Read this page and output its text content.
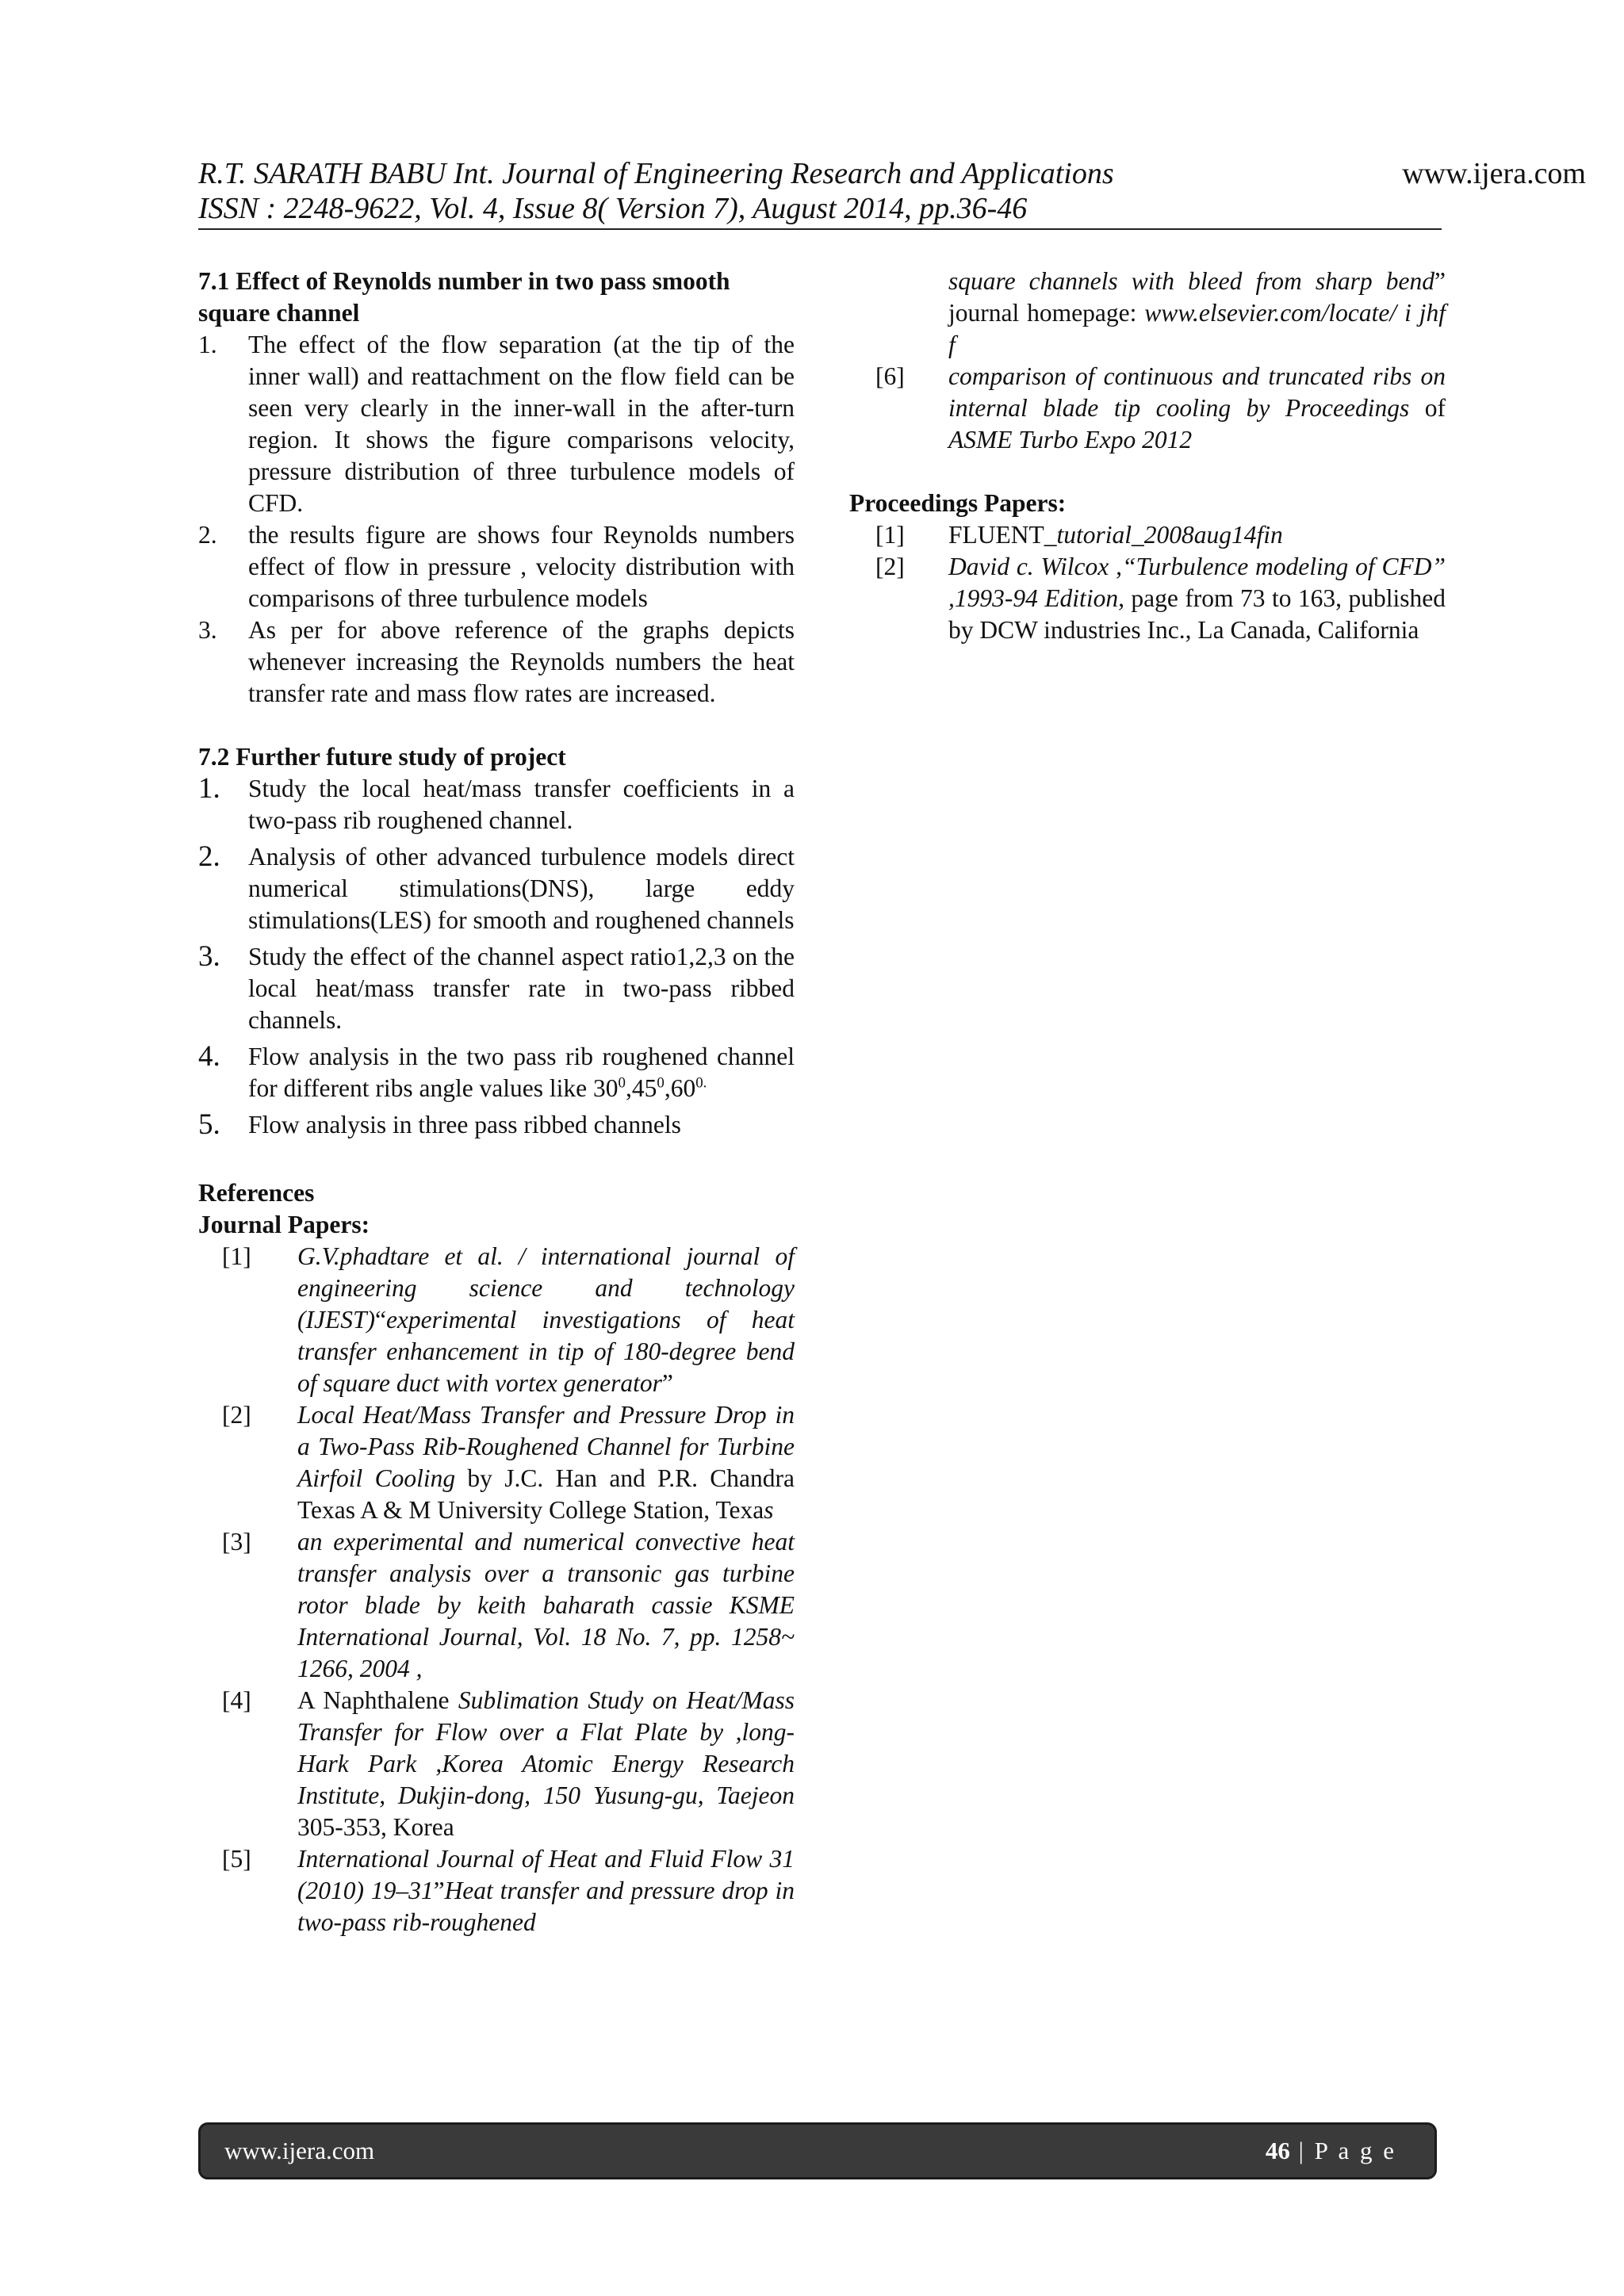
R.T. SARATH BABU Int. Journal of Engineering Research and Applications
ISSN : 2248-9622, Vol. 4, Issue 8( Version 7), August 2014, pp.36-46
www.ijera.com
7.1 Effect of Reynolds number in two pass smooth
square channel
1. The effect of the flow separation (at the tip of the inner wall) and reattachment on the flow field can be seen very clearly in the inner-wall in the after-turn region. It shows the figure comparisons velocity, pressure distribution of three turbulence models of CFD.
2. the results figure are shows four Reynolds numbers effect of flow in pressure , velocity distribution with comparisons of three turbulence models
3. As per for above reference of the graphs depicts whenever increasing the Reynolds numbers the heat transfer rate and mass flow rates are increased.
7.2 Further future study of project
1. Study the local heat/mass transfer coefficients in a two-pass rib roughened channel.
2. Analysis of other advanced turbulence models direct numerical stimulations(DNS), large eddy stimulations(LES) for smooth and roughened channels
3. Study the effect of the channel aspect ratio1,2,3 on the local heat/mass transfer rate in two-pass ribbed channels.
4. Flow analysis in the two pass rib roughened channel for different ribs angle values like $30^0,45^0,60^{0.}$
5. Flow analysis in three pass ribbed channels
References
Journal Papers:
[1] G.V.phadtare et al. / international journal of engineering science and technology (IJEST)“experimental investigations of heat transfer enhancement in tip of 180-degree bend of square duct with vortex generator”
[2] Local Heat/Mass Transfer and Pressure Drop in a Two-Pass Rib-Roughened Channel for Turbine Airfoil Cooling by J.C. Han and P.R. Chandra Texas A & M University College Station, Texas
[3] an experimental and numerical convective heat transfer analysis over a transonic gas turbine rotor blade by keith baharath cassie KSME International Journal, Vol. 18 No. 7, pp. 1258~ 1266, 2004 ,
[4] A Naphthalene Sublimation Study on Heat/Mass Transfer for Flow over a Flat Plate by ,long-Hark Park ,Korea Atomic Energy Research Institute, Dukjin-dong, 150 Yusung-gu, Taejeon 305-353, Korea
[5] International Journal of Heat and Fluid Flow 31 (2010) 19–31”Heat transfer and pressure drop in two-pass rib-roughened
square channels with bleed from sharp bend” journal homepage: www.elsevier.com/locate/ i jhf f
[6] comparison of continuous and truncated ribs on internal blade tip cooling by Proceedings of ASME Turbo Expo 2012
Proceedings Papers:
[1] FLUENT_tutorial_2008aug14fin
[2] David c. Wilcox ,“Turbulence modeling of CFD” ,1993-94 Edition, page from 73 to 163, published by DCW industries Inc., La Canada, California
www.ijera.com	46 | P a g e
